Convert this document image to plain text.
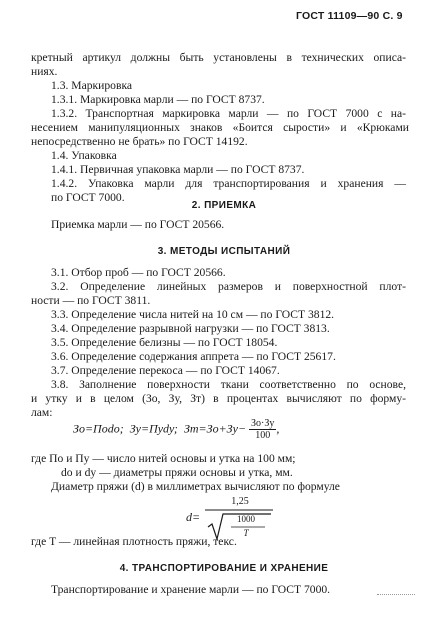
ГОСТ 11109—90 С. 9
кретный артикул должны быть установлены в технических описа-
ниях.
1.3. Маркировка
1.3.1. Маркировка марли — по ГОСТ 8737.
1.3.2. Транспортная маркировка марли — по ГОСТ 7000 с на-
несением манипуляционных знаков «Боится сырости» и «Крюками
непосредственно не брать» по ГОСТ 14192.
1.4. Упаковка
1.4.1. Первичная упаковка марли — по ГОСТ 8737.
1.4.2. Упаковка марли для транспортирования и хранения —
по ГОСТ 7000.
2. ПРИЕМКА
Приемка марли — по ГОСТ 20566.
3. МЕТОДЫ ИСПЫТАНИЙ
3.1. Отбор проб — по ГОСТ 20566.
3.2. Определение линейных размеров и поверхностной плот-
ности — по ГОСТ 3811.
3.3. Определение числа нитей на 10 см — по ГОСТ 3812.
3.4. Определение разрывной нагрузки — по ГОСТ 3813.
3.5. Определение белизны — по ГОСТ 18054.
3.6. Определение содержания аппрета — по ГОСТ 25617.
3.7. Определение перекоса — по ГОСТ 14067.
3.8. Заполнение поверхности ткани соответственно по основе,
и утку и в целом (Зо, Зу, Зт) в процентах вычисляют по форму-
лам:
Зо=Пodo; Зу=Пуdу; $Зт=Зо+Зу- \frac{Зо\cdot Зу}{100}$ ,
где По и Пу — число нитей основы и утка на 100 мм;
do и dу — диаметры пряжи основы и утка, мм.
Диаметр пряжи (d) в миллиметрах вычисляют по формуле
d=
1,25
1000
T
где T — линейная плотность пряжи, текс.
4. ТРАНСПОРТИРОВАНИЕ И ХРАНЕНИЕ
Транспортирование и хранение марли — по ГОСТ 7000.
